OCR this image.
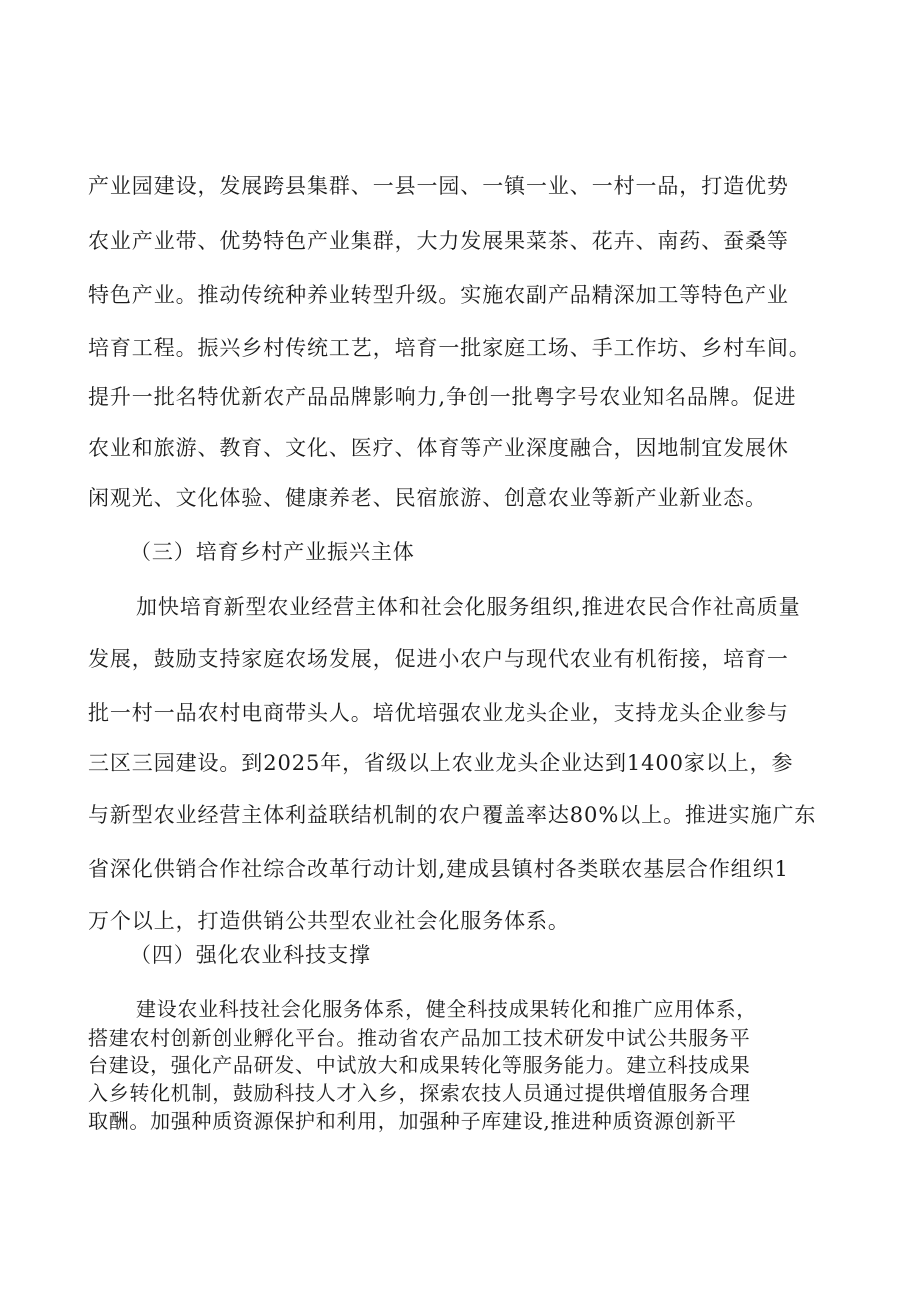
产业园建设，发展跨县集群、一县一园、一镇一业、一村一品，打造优势
农业产业带、优势特色产业集群，大力发展果菜茶、花卉、南药、蚕桑等
特色产业。推动传统种养业转型升级。实施农副产品精深加工等特色产业
培育工程。振兴乡村传统工艺，培育一批家庭工场、手工作坊、乡村车间。
提升一批名特优新农产品品牌影响力,争创一批粤字号农业知名品牌。促进
农业和旅游、教育、文化、医疗、体育等产业深度融合，因地制宜发展休
闲观光、文化体验、健康养老、民宿旅游、创意农业等新产业新业态。
（三）培育乡村产业振兴主体
加快培育新型农业经营主体和社会化服务组织,推进农民合作社高质量
发展，鼓励支持家庭农场发展，促进小农户与现代农业有机衔接，培育一
批一村一品农村电商带头人。培优培强农业龙头企业，支持龙头企业参与
三区三园建设。到2025年，省级以上农业龙头企业达到1400家以上，参
与新型农业经营主体利益联结机制的农户覆盖率达80%以上。推进实施广东
省深化供销合作社综合改革行动计划,建成县镇村各类联农基层合作组织1
万个以上，打造供销公共型农业社会化服务体系。
（四）强化农业科技支撑
建设农业科技社会化服务体系，健全科技成果转化和推广应用体系，
搭建农村创新创业孵化平台。推动省农产品加工技术研发中试公共服务平
台建设，强化产品研发、中试放大和成果转化等服务能力。建立科技成果
入乡转化机制，鼓励科技人才入乡，探索农技人员通过提供增值服务合理
取酬。加强种质资源保护和利用，加强种子库建设,推进种质资源创新平
